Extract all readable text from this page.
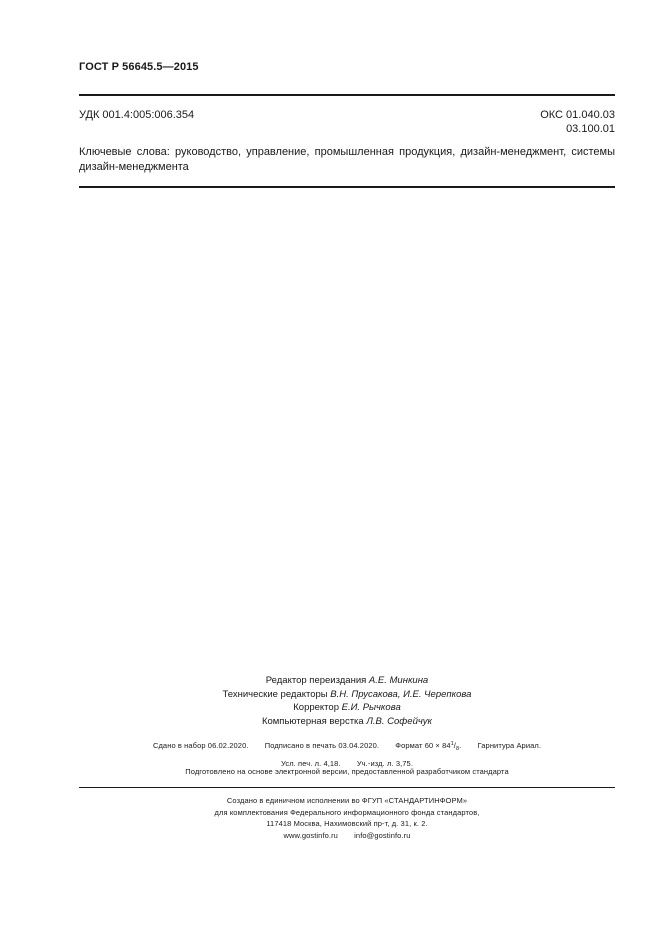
ГОСТ Р 56645.5—2015
УДК 001.4:005:006.354	ОКС 01.040.03
03.100.01
Ключевые слова: руководство, управление, промышленная продукция, дизайн-менеджмент, системы дизайн-менеджмента
Редактор переиздания А.Е. Минкина
Технические редакторы В.Н. Прусакова, И.Е. Черепкова
Корректор Е.И. Рычкова
Компьютерная верстка Л.В. Софейчук
Сдано в набор 06.02.2020. Подписано в печать 03.04.2020. Формат $60 \times 84^1/_8$. Гарнитура Ариал.
Усл. печ. л. 4,18. Уч.-изд. л. 3,75.
Подготовлено на основе электронной версии, предоставленной разработчиком стандарта
Создано в единичном исполнении во ФГУП «СТАНДАРТИНФОРМ»
для комплектования Федерального информационного фонда стандартов,
117418 Москва, Нахимовский пр-т, д. 31, к. 2.
www.gostinfo.ru info@gostinfo.ru
